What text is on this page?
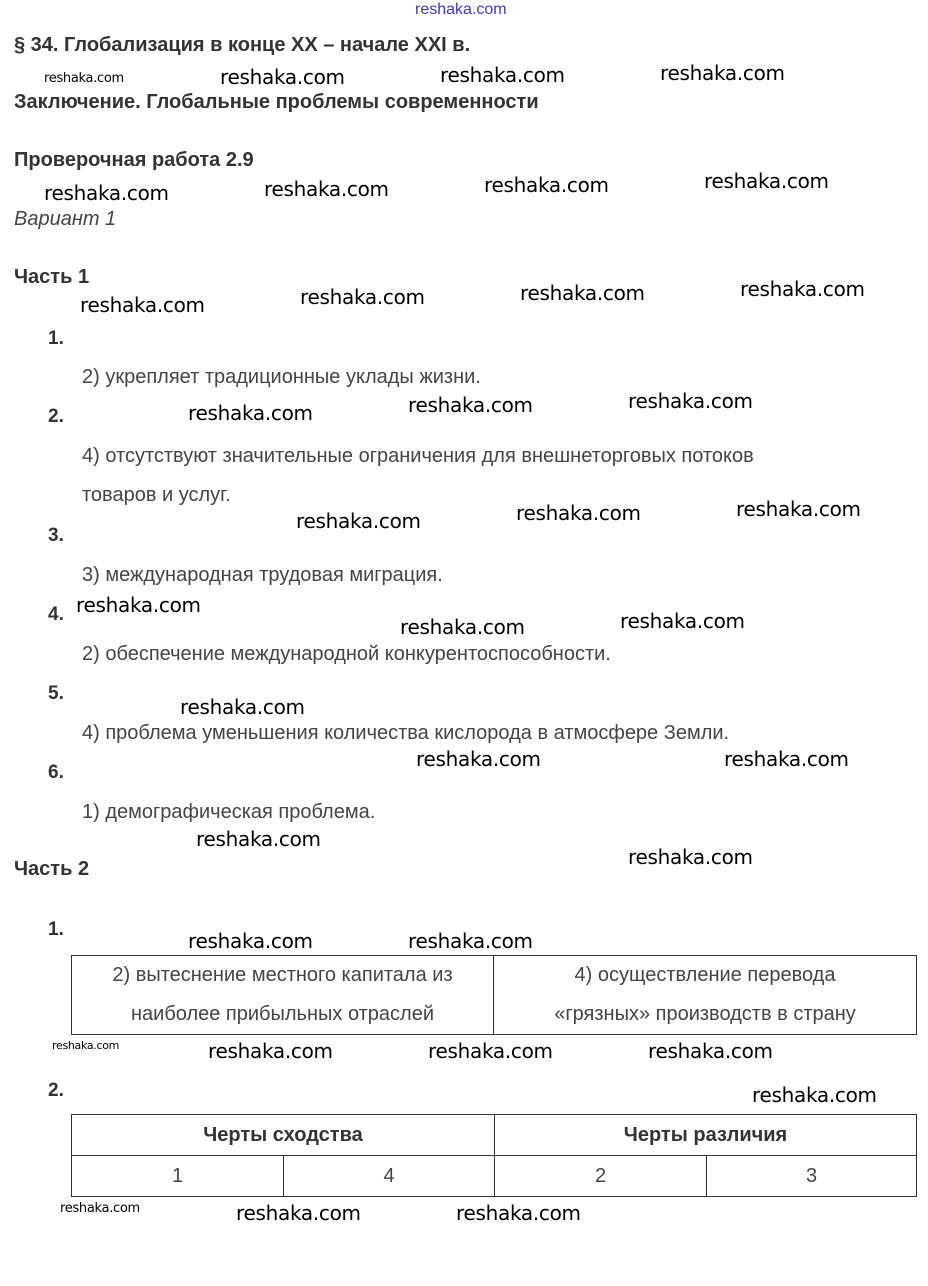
reshaka.com
§ 34. Глобализация в конце XX – начале XXI в.
Заключение. Глобальные проблемы современности
Проверочная работа 2.9
Вариант 1
Часть 1
1.
2) укрепляет традиционные уклады жизни.
2.
4) отсутствуют значительные ограничения для внешнеторговых потоков
товаров и услуг.
3.
3) международная трудовая миграция.
4.
2) обеспечение международной конкурентоспособности.
5.
4) проблема уменьшения количества кислорода в атмосфере Земли.
6.
1) демографическая проблема.
Часть 2
1.
2) вытеснение местного капитала из
наиболее прибыльных отраслей

4) осуществление перевода
«грязных» производств в страну
2.
Черты сходства		Черты различия	
1	4	2	3
reshaka.com	reshaka.com	reshaka.com	reshaka.com
reshaka.com	reshaka.com	reshaka.com	reshaka.com
reshaka.com	reshaka.com	reshaka.com	reshaka.com
reshaka.com	reshaka.com	reshaka.com
reshaka.com	reshaka.com	reshaka.com
reshaka.com
reshaka.com	reshaka.com
reshaka.com
reshaka.com	reshaka.com
reshaka.com
reshaka.com
reshaka.com	reshaka.com
reshaka.com
reshaka.com	reshaka.com	reshaka.com
reshaka.com
reshaka.com	reshaka.com	reshaka.com
